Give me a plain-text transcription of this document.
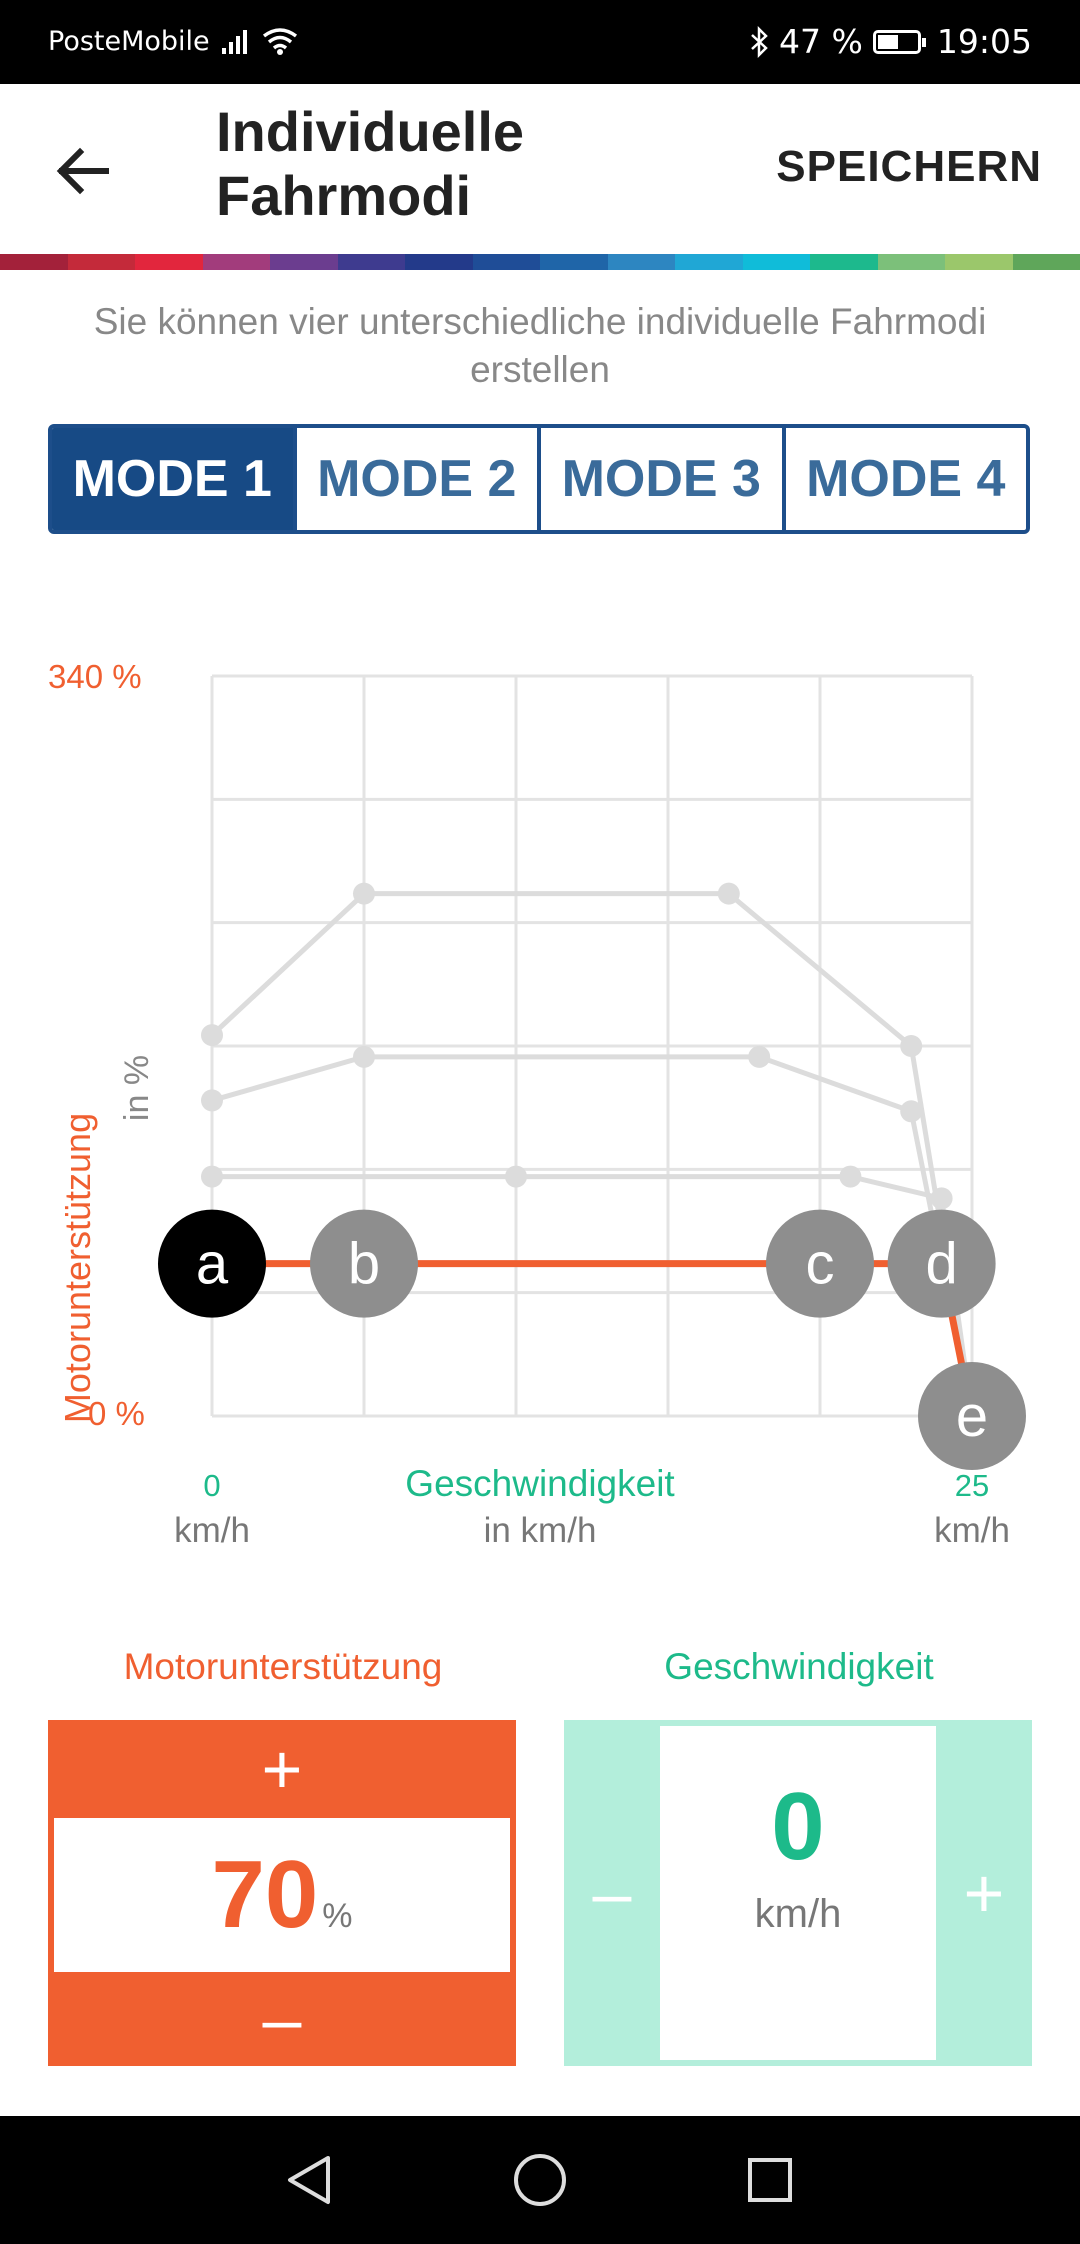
PosteMobile	47 % 19:05
Individuelle Fahrmodi	SPEICHERN
Sie können vier unterschiedliche individuelle Fahrmodi erstellen
MODE 1 MODE 2 MODE 3 MODE 4
a b	c d
e
340 %
0 %
Motorunterstützung
in %
0
km/h
Geschwindigkeit
in km/h
25
km/h
Motorunterstützung	Geschwindigkeit
+
70 %
–
–
0
km/h	+
